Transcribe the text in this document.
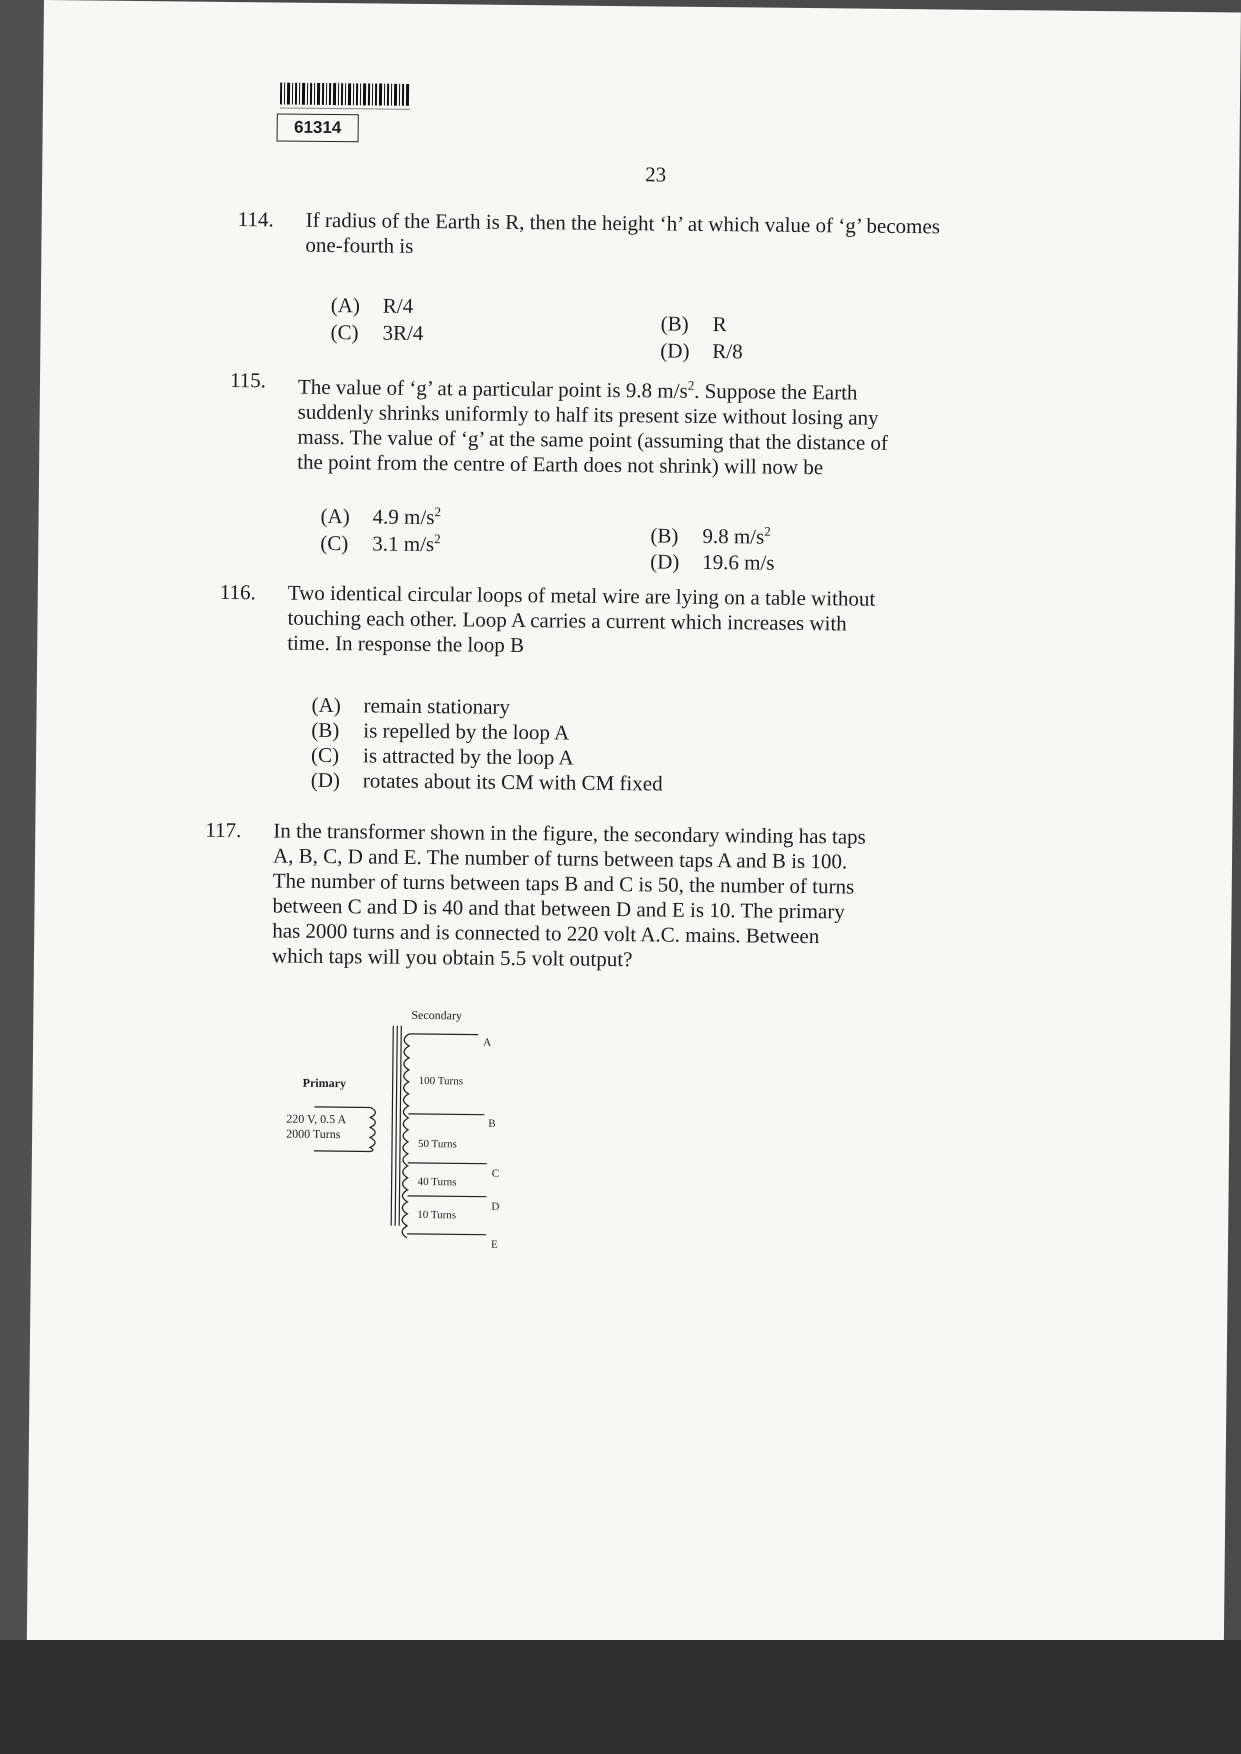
61314
23
114. If radius of the Earth is R, then the height ‘h’ at which value of ‘g’ becomes one-fourth is
(A) R/4
(C) 3R/4	(B) R
(D) R/8
115. The value of ‘g’ at a particular point is 9.8 $m/s^2$. Suppose the Earth
suddenly shrinks uniformly to half its present size without losing any
mass. The value of ‘g’ at the same point (assuming that the distance of
the point from the centre of Earth does not shrink) will now be
(A) 4.9 $m/s^2$
(C) 3.1 $m/s^2$	(B) 9.8 $m/s^2$
(D) 19.6 m/s
116. Two identical circular loops of metal wire are lying on a table without
touching each other. Loop A carries a current which increases with
time. In response the loop B
(A) remain stationary
(B) is repelled by the loop A
(C) is attracted by the loop A
(D) rotates about its CM with CM fixed
117. In the transformer shown in the figure, the secondary winding has taps
A, B, C, D and E. The number of turns between taps A and B is 100.
The number of turns between taps B and C is 50, the number of turns
between C and D is 40 and that between D and E is 10. The primary
has 2000 turns and is connected to 220 volt A.C. mains. Between
which taps will you obtain 5.5 volt output?
Secondary
Primary
220 V, 0.5 A
2000 Turns
A
B
C
D
E
100 Turns
50 Turns
40 Turns
10 Turns
